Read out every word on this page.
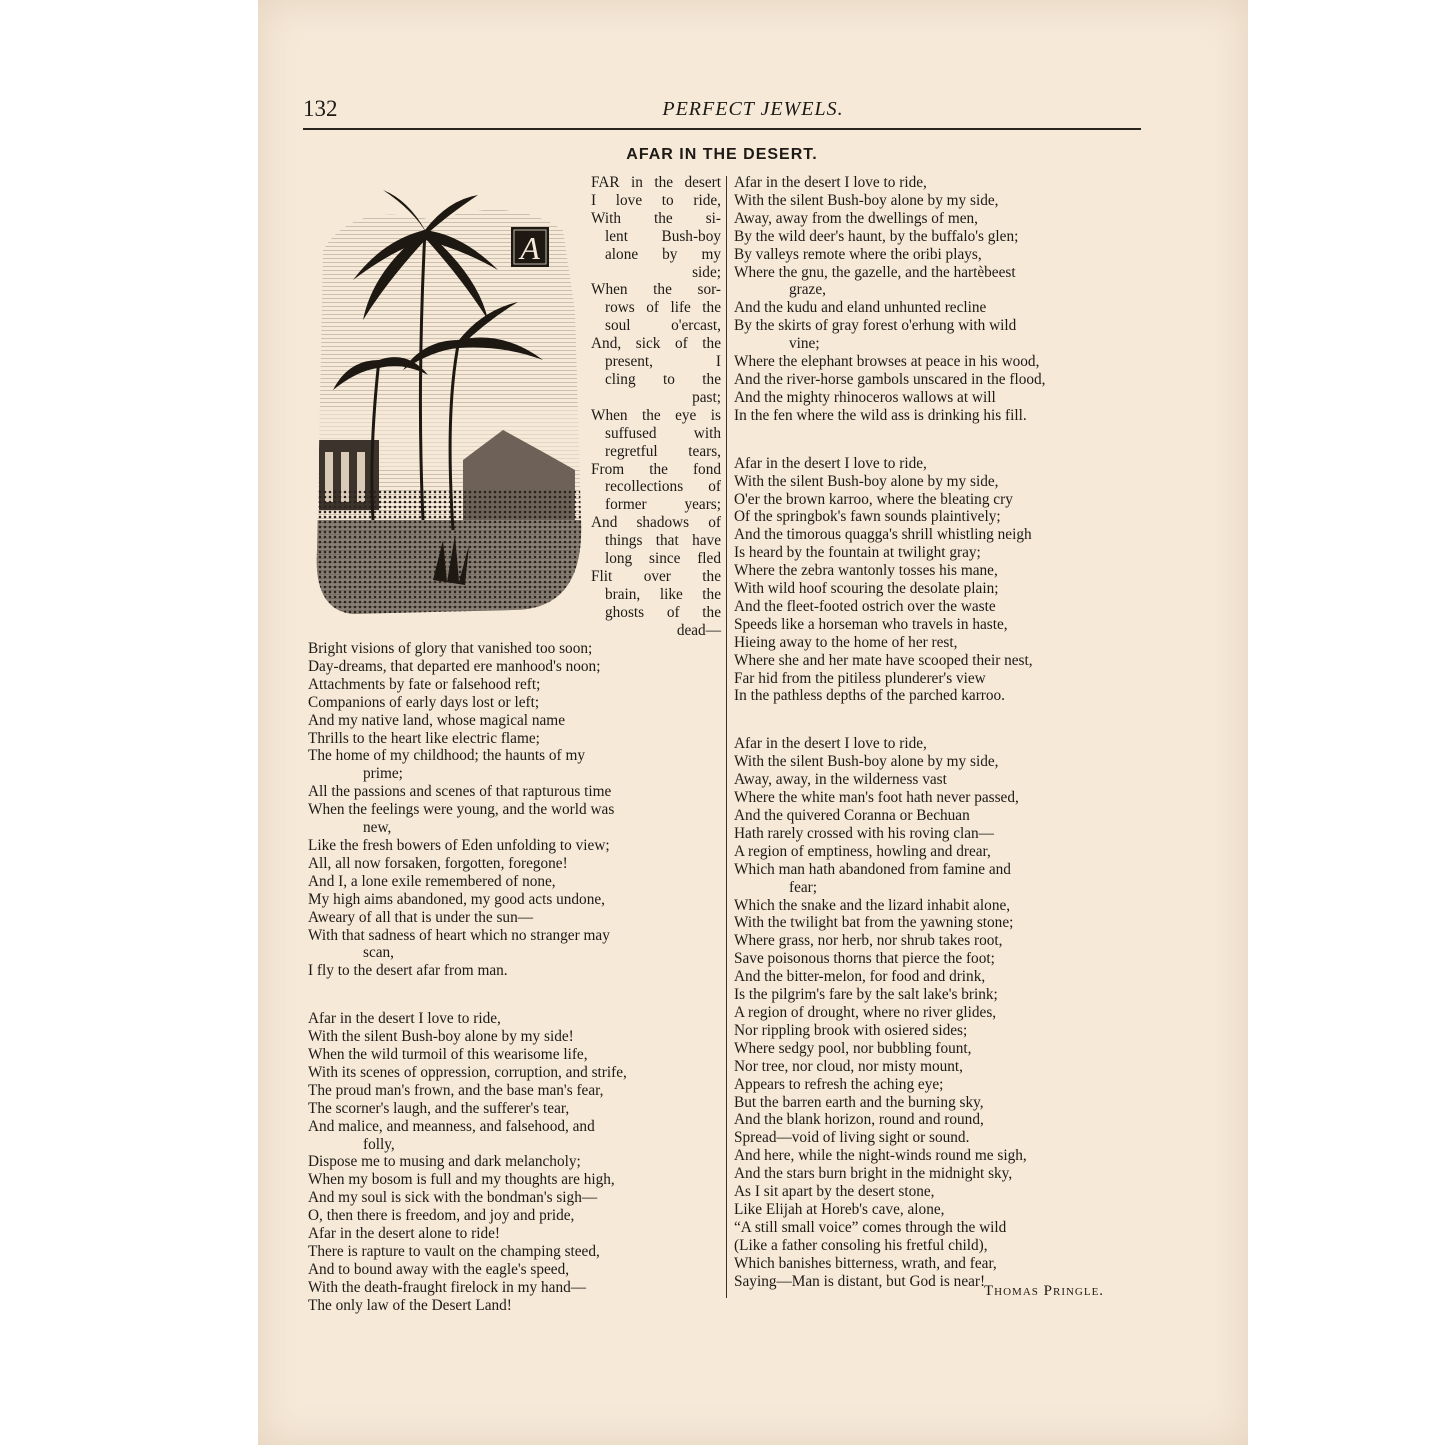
132	PERFECT JEWELS.
AFAR IN THE DESERT.
A
FAR in the desert
I love to ride,
With the si-
lent Bush-boy
alone by my
side;
When the sor-
rows of life the
soul o'ercast,
And, sick of the
present, I
cling to the
past;
When the eye is
suffused with
regretful tears,
From the fond
recollections of
former years;
And shadows of
things that have
long since fled
Flit over the
brain, like the
ghosts of the
dead—
Bright visions of glory that vanished too soon;
Day-dreams, that departed ere manhood's noon;
Attachments by fate or falsehood reft;
Companions of early days lost or left;
And my native land, whose magical name
Thrills to the heart like electric flame;
The home of my childhood; the haunts of my
prime;
All the passions and scenes of that rapturous time
When the feelings were young, and the world was
new,
Like the fresh bowers of Eden unfolding to view;
All, all now forsaken, forgotten, foregone!
And I, a lone exile remembered of none,
My high aims abandoned, my good acts undone,
Aweary of all that is under the sun—
With that sadness of heart which no stranger may
scan,
I fly to the desert afar from man.
Afar in the desert I love to ride,
With the silent Bush-boy alone by my side!
When the wild turmoil of this wearisome life,
With its scenes of oppression, corruption, and strife,
The proud man's frown, and the base man's fear,
The scorner's laugh, and the sufferer's tear,
And malice, and meanness, and falsehood, and
folly,
Dispose me to musing and dark melancholy;
When my bosom is full and my thoughts are high,
And my soul is sick with the bondman's sigh—
O, then there is freedom, and joy and pride,
Afar in the desert alone to ride!
There is rapture to vault on the champing steed,
And to bound away with the eagle's speed,
With the death-fraught firelock in my hand—
The only law of the Desert Land!
Afar in the desert I love to ride,
With the silent Bush-boy alone by my side,
Away, away from the dwellings of men,
By the wild deer's haunt, by the buffalo's glen;
By valleys remote where the oribi plays,
Where the gnu, the gazelle, and the hartèbeest
graze,
And the kudu and eland unhunted recline
By the skirts of gray forest o'erhung with wild
vine;
Where the elephant browses at peace in his wood,
And the river-horse gambols unscared in the flood,
And the mighty rhinoceros wallows at will
In the fen where the wild ass is drinking his fill.
Afar in the desert I love to ride,
With the silent Bush-boy alone by my side,
O'er the brown karroo, where the bleating cry
Of the springbok's fawn sounds plaintively;
And the timorous quagga's shrill whistling neigh
Is heard by the fountain at twilight gray;
Where the zebra wantonly tosses his mane,
With wild hoof scouring the desolate plain;
And the fleet-footed ostrich over the waste
Speeds like a horseman who travels in haste,
Hieing away to the home of her rest,
Where she and her mate have scooped their nest,
Far hid from the pitiless plunderer's view
In the pathless depths of the parched karroo.
Afar in the desert I love to ride,
With the silent Bush-boy alone by my side,
Away, away, in the wilderness vast
Where the white man's foot hath never passed,
And the quivered Coranna or Bechuan
Hath rarely crossed with his roving clan—
A region of emptiness, howling and drear,
Which man hath abandoned from famine and
fear;
Which the snake and the lizard inhabit alone,
With the twilight bat from the yawning stone;
Where grass, nor herb, nor shrub takes root,
Save poisonous thorns that pierce the foot;
And the bitter-melon, for food and drink,
Is the pilgrim's fare by the salt lake's brink;
A region of drought, where no river glides,
Nor rippling brook with osiered sides;
Where sedgy pool, nor bubbling fount,
Nor tree, nor cloud, nor misty mount,
Appears to refresh the aching eye;
But the barren earth and the burning sky,
And the blank horizon, round and round,
Spread—void of living sight or sound.
And here, while the night-winds round me sigh,
And the stars burn bright in the midnight sky,
As I sit apart by the desert stone,
Like Elijah at Horeb's cave, alone,
“A still small voice” comes through the wild
(Like a father consoling his fretful child),
Which banishes bitterness, wrath, and fear,
Saying—Man is distant, but God is near!
Thomas Pringle.
